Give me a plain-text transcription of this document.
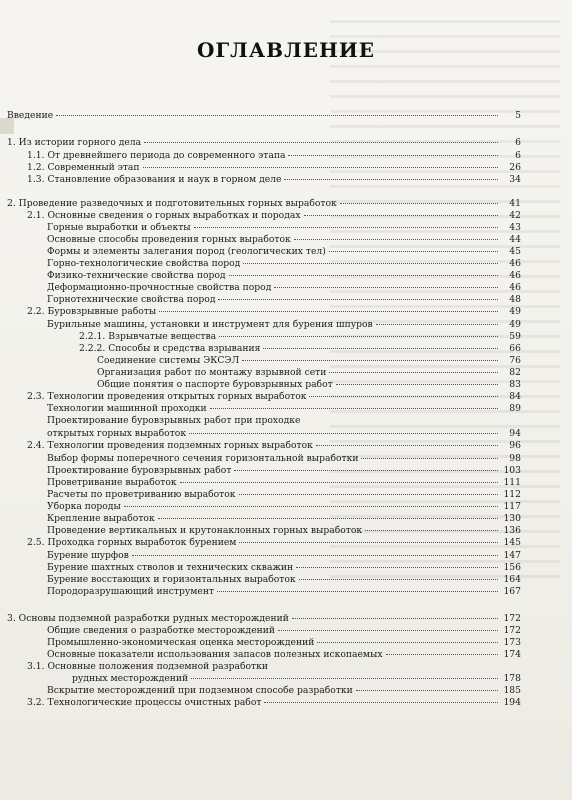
ОГЛАВЛЕНИЕ
Введение	5
1. Из истории горного дела	6
1.1. От древнейшего периода до современного этапа	6
1.2. Современный этап	26
1.3. Становление образования и наук в горном деле	34
2. Проведение разведочных и подготовительных горных выработок	41
2.1. Основные сведения о горных выработках и породах	42
Горные выработки и объекты	43
Основные способы проведения горных выработок	44
Формы и элементы залегания пород (геологических тел)	45
Горно-технологические свойства пород	46
Физико-технические свойства пород	46
Деформационно-прочностные свойства пород	46
Горнотехнические свойства пород	48
2.2. Буровзрывные работы	49
Бурильные машины, установки и инструмент для бурения шпуров	49
2.2.1. Взрывчатые вещества	59
2.2.2. Способы и средства взрывания	66
Соединение системы ЭКСЭЛ	76
Организация работ по монтажу взрывной сети	82
Общие понятия о паспорте буровзрывных работ	83
2.3. Технологии проведения открытых горных выработок	84
Технологии машинной проходки	89
Проектирование буровзрывных работ при проходке
открытых горных выработок	94
2.4. Технологии проведения подземных горных выработок	96
Выбор формы поперечного сечения горизонтальной выработки	98
Проектирование буровзрывных работ	103
Проветривание выработок	111
Расчеты по проветриванию выработок	112
Уборка породы	117
Крепление выработок	130
Проведение вертикальных и крутонаклонных горных выработок	136
2.5. Проходка горных выработок бурением	145
Бурение шурфов	147
Бурение шахтных стволов и технических скважин	156
Бурение восстающих и горизонтальных выработок	164
Породоразрушающий инструмент	167
3. Основы подземной разработки рудных месторождений	172
Общие сведения о разработке месторождений	172
Промышленно-экономическая оценка месторождений	173
Основные показатели использования запасов полезных ископаемых	174
3.1. Основные положения подземной разработки
рудных месторождений	178
Вскрытие месторождений при подземном способе разработки	185
3.2. Технологические процессы очистных работ	194
